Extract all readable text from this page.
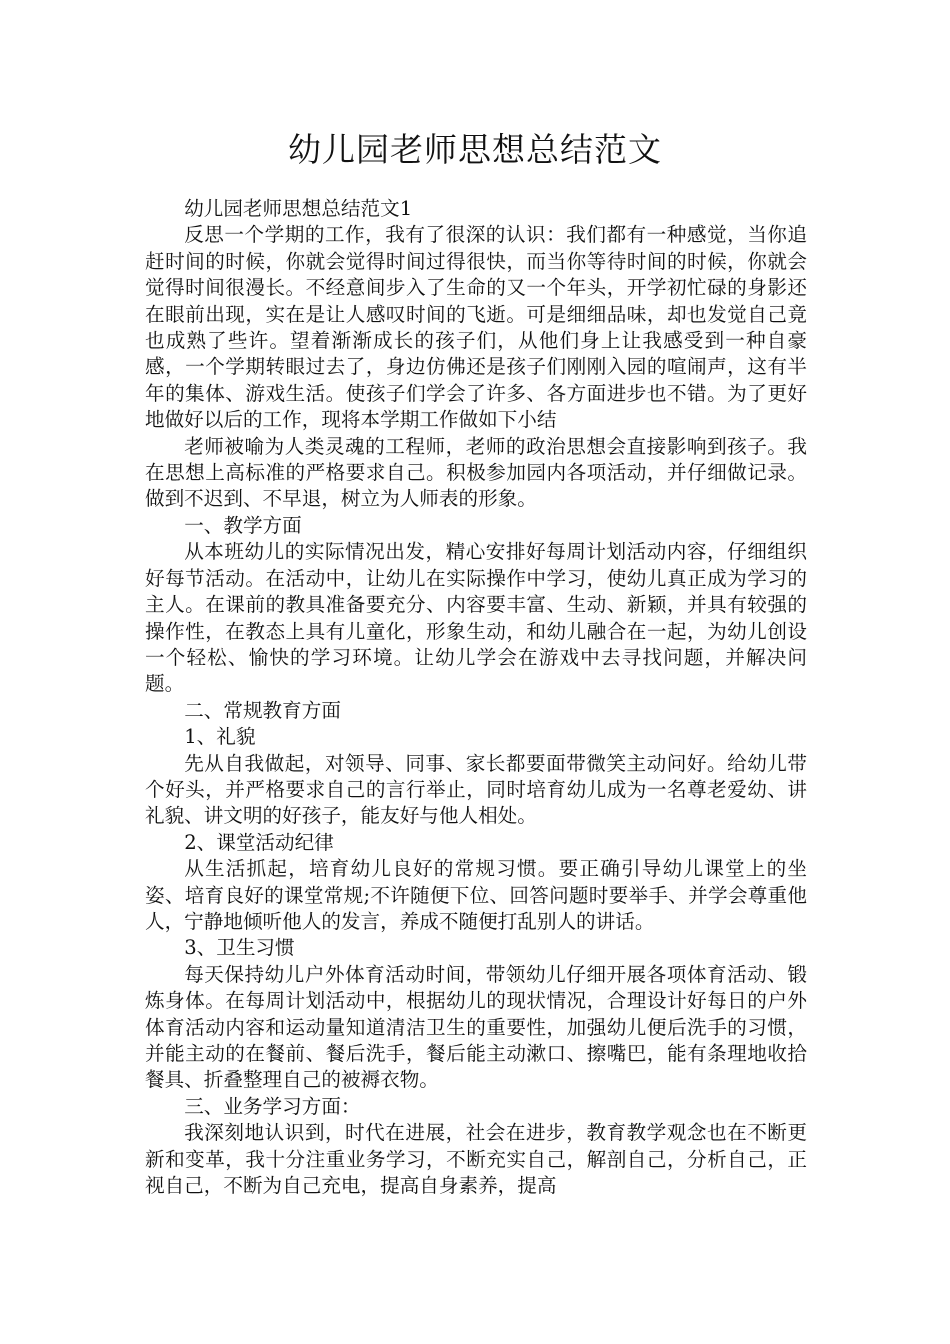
幼儿园老师思想总结范文

幼儿园老师思想总结范文1

反思一个学期的工作，我有了很深的认识：我们都有一种感觉，当你追赶时间的时候，你就会觉得时间过得很快，而当你等待时间的时候，你就会觉得时间很漫长。不经意间步入了生命的又一个年头，开学初忙碌的身影还在眼前出现，实在是让人感叹时间的飞逝。可是细细品味，却也发觉自己竟也成熟了些许。望着渐渐成长的孩子们，从他们身上让我感受到一种自豪感，一个学期转眼过去了，身边仿佛还是孩子们刚刚入园的喧闹声，这有半年的集体、游戏生活。使孩子们学会了许多、各方面进步也不错。为了更好地做好以后的工作，现将本学期工作做如下小结

老师被喻为人类灵魂的工程师，老师的政治思想会直接影响到孩子。我在思想上高标准的严格要求自己。积极参加园内各项活动，并仔细做记录。做到不迟到、不早退，树立为人师表的形象。

一、教学方面

从本班幼儿的实际情况出发，精心安排好每周计划活动内容，仔细组织好每节活动。在活动中，让幼儿在实际操作中学习，使幼儿真正成为学习的主人。在课前的教具准备要充分、内容要丰富、生动、新颖，并具有较强的操作性，在教态上具有儿童化，形象生动，和幼儿融合在一起，为幼儿创设一个轻松、愉快的学习环境。让幼儿学会在游戏中去寻找问题，并解决问题。

二、常规教育方面

1、礼貌

先从自我做起，对领导、同事、家长都要面带微笑主动问好。给幼儿带个好头，并严格要求自己的言行举止，同时培育幼儿成为一名尊老爱幼、讲礼貌、讲文明的好孩子，能友好与他人相处。

2、课堂活动纪律

从生活抓起，培育幼儿良好的常规习惯。要正确引导幼儿课堂上的坐姿、培育良好的课堂常规;不许随便下位、回答问题时要举手、并学会尊重他人，宁静地倾听他人的发言，养成不随便打乱别人的讲话。

3、卫生习惯

每天保持幼儿户外体育活动时间，带领幼儿仔细开展各项体育活动、锻炼身体。在每周计划活动中，根据幼儿的现状情况，合理设计好每日的户外体育活动内容和运动量知道清洁卫生的重要性，加强幼儿便后洗手的习惯，并能主动的在餐前、餐后洗手，餐后能主动漱口、擦嘴巴，能有条理地收拾餐具、折叠整理自己的被褥衣物。

三、业务学习方面：

我深刻地认识到，时代在进展，社会在进步，教育教学观念也在不断更新和变革，我十分注重业务学习，不断充实自己，解剖自己，分析自己，正视自己，不断为自己充电，提高自身素养，提高
